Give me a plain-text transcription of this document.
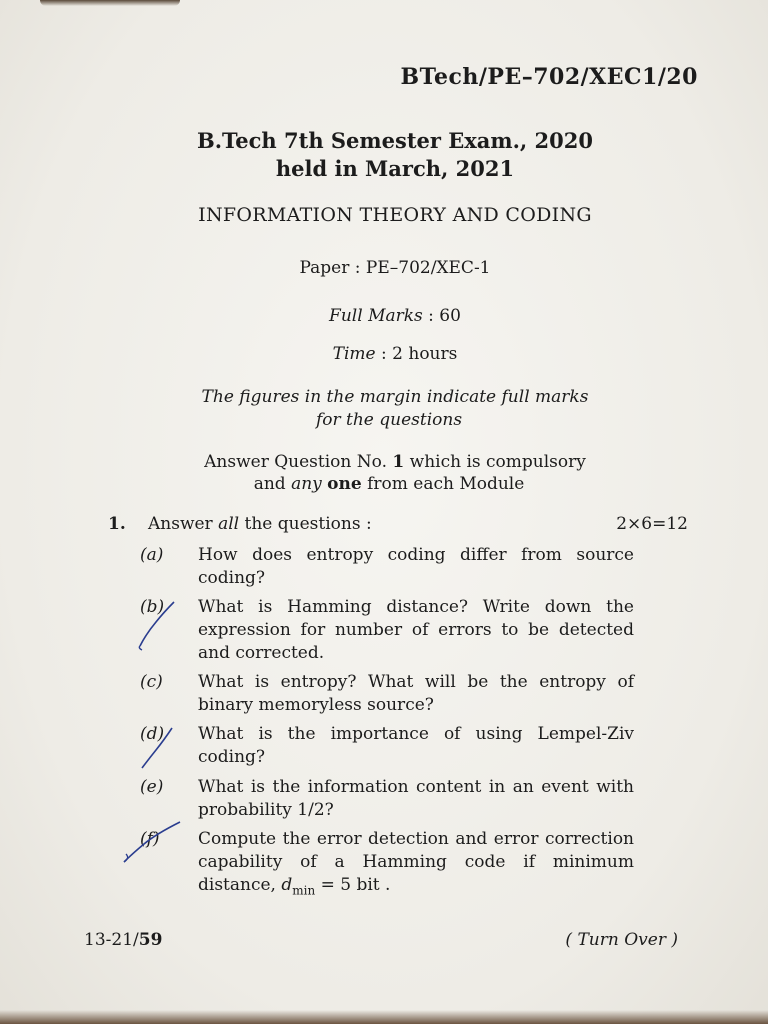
BTech/PE–702/XEC1/20
B.Tech 7th Semester Exam., 2020
held in March, 2021
INFORMATION THEORY AND CODING
Paper : PE–702/XEC-1
Full Marks : 60
Time : 2 hours
The figures in the margin indicate full marks
for the questions
Answer Question No. 1 which is compulsory
and any one from each Module
1. Answer all the questions :	2×6=12
(a) How does entropy coding differ from source coding?
(b) What is Hamming distance? Write down the expression for number of errors to be detected and corrected.
(c) What is entropy? What will be the entropy of binary memoryless source?
(d) What is the importance of using Lempel-Ziv coding?
(e) What is the information content in an event with probability 1/2?
(f) Compute the error detection and error correction capability of a Hamming code if minimum distance, $d_{min} = 5$ bit .
13-21/59	( Turn Over )
